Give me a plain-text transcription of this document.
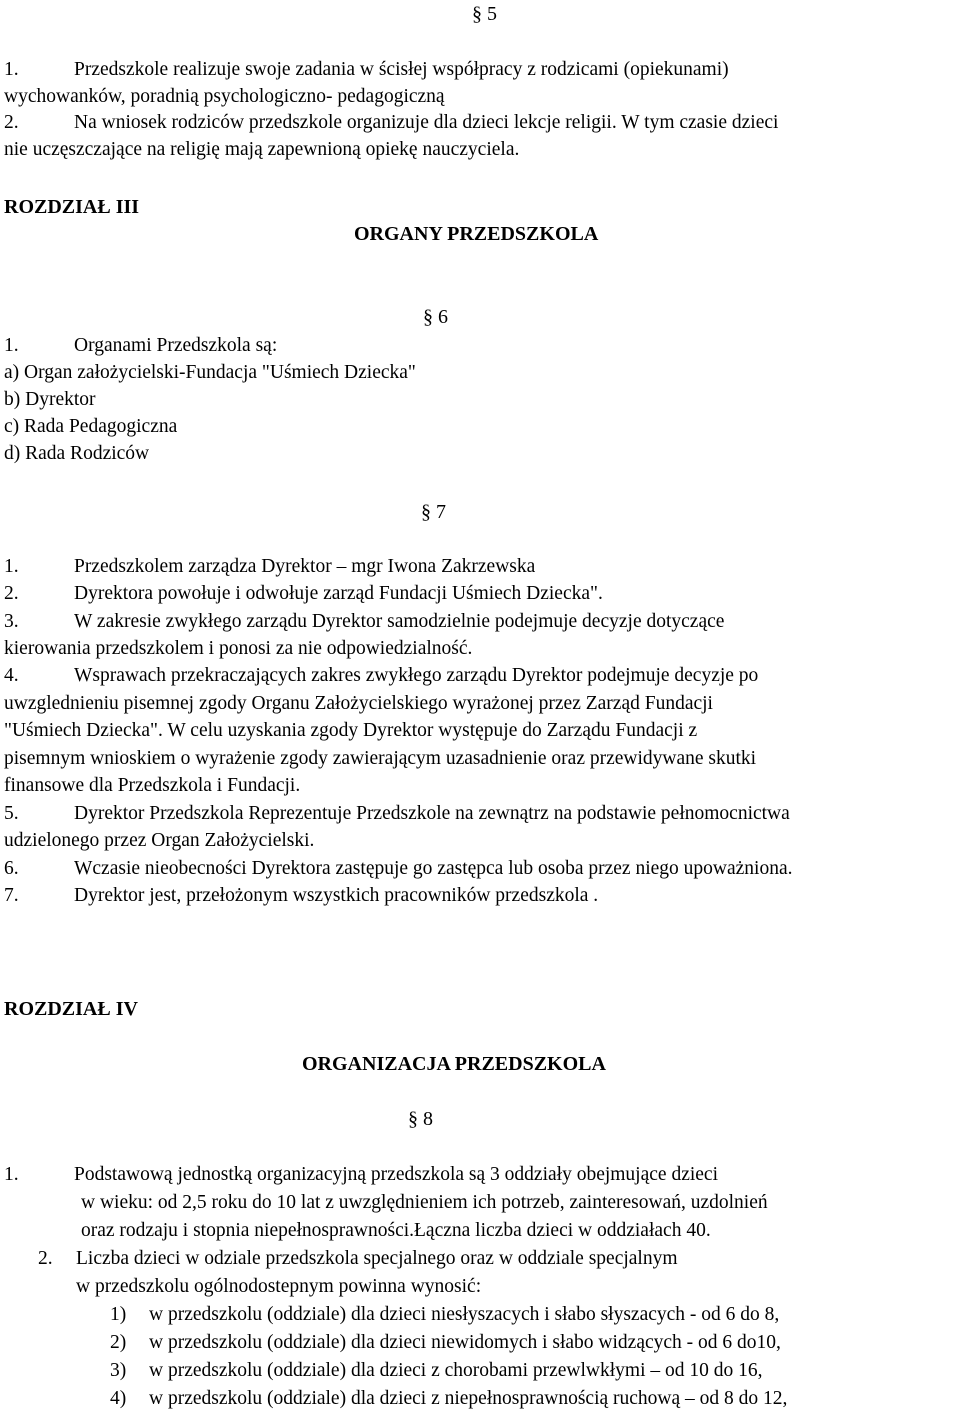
§ 5
1.	Przedszkole realizuje swoje zadania w ścisłej współpracy z rodzicami (opiekunami)
wychowanków, poradnią psychologiczno- pedagogiczną
2.	Na wniosek rodziców przedszkole organizuje dla dzieci lekcje religii. W tym czasie dzieci
nie uczęszczające na religię mają zapewnioną opiekę nauczyciela.
ROZDZIAŁ III
ORGANY PRZEDSZKOLA
§ 6
1.	Organami Przedszkola są:
a) Organ założycielski-Fundacja "Uśmiech Dziecka"
b) Dyrektor
c) Rada Pedagogiczna
d) Rada Rodziców
§ 7
1.	Przedszkolem zarządza Dyrektor – mgr Iwona Zakrzewska
2.	Dyrektora powołuje i odwołuje zarząd Fundacji Uśmiech Dziecka".
3.	W zakresie zwykłego zarządu Dyrektor samodzielnie podejmuje decyzje dotyczące
kierowania przedszkolem i ponosi za nie odpowiedzialność.
4.	Wsprawach przekraczających zakres zwykłego zarządu Dyrektor podejmuje decyzje po
uwzglednieniu pisemnej zgody Organu Założycielskiego wyrażonej przez Zarząd Fundacji
"Uśmiech Dziecka". W celu uzyskania zgody Dyrektor występuje do Zarządu Fundacji z
pisemnym wnioskiem o wyrażenie zgody zawierającym uzasadnienie oraz przewidywane skutki
finansowe dla Przedszkola i Fundacji.
5.	Dyrektor Przedszkola Reprezentuje Przedszkole na zewnątrz na podstawie pełnomocnictwa
udzielonego przez Organ Założycielski.
6.	Wczasie nieobecności Dyrektora zastępuje go zastępca lub osoba przez niego upoważniona.
7.	Dyrektor jest, przełożonym wszystkich pracowników przedszkola .
ROZDZIAŁ IV
ORGANIZACJA PRZEDSZKOLA
§ 8
1.	Podstawową jednostką organizacyjną przedszkola są 3 oddziały obejmujące dzieci
w wieku: od 2,5 roku do 10 lat z uwzględnieniem ich potrzeb, zainteresowań, uzdolnień
oraz rodzaju i stopnia niepełnosprawności.Łączna liczba dzieci w oddziałach 40.
2. Liczba dzieci w odziale przedszkola specjalnego oraz w oddziale specjalnym
w przedszkolu ogólnodostepnym powinna wynosić:
1) w przedszkolu (oddziale) dla dzieci niesłyszacych i słabo słyszacych - od 6 do 8,
2) w przedszkolu (oddziale) dla dzieci niewidomych i słabo widzących - od 6 do10,
3) w przedszkolu (oddziale) dla dzieci z chorobami przewlwkłymi – od 10 do 16,
4) w przedszkolu (oddziale) dla dzieci z niepełnosprawnością ruchową – od 8 do 12,
